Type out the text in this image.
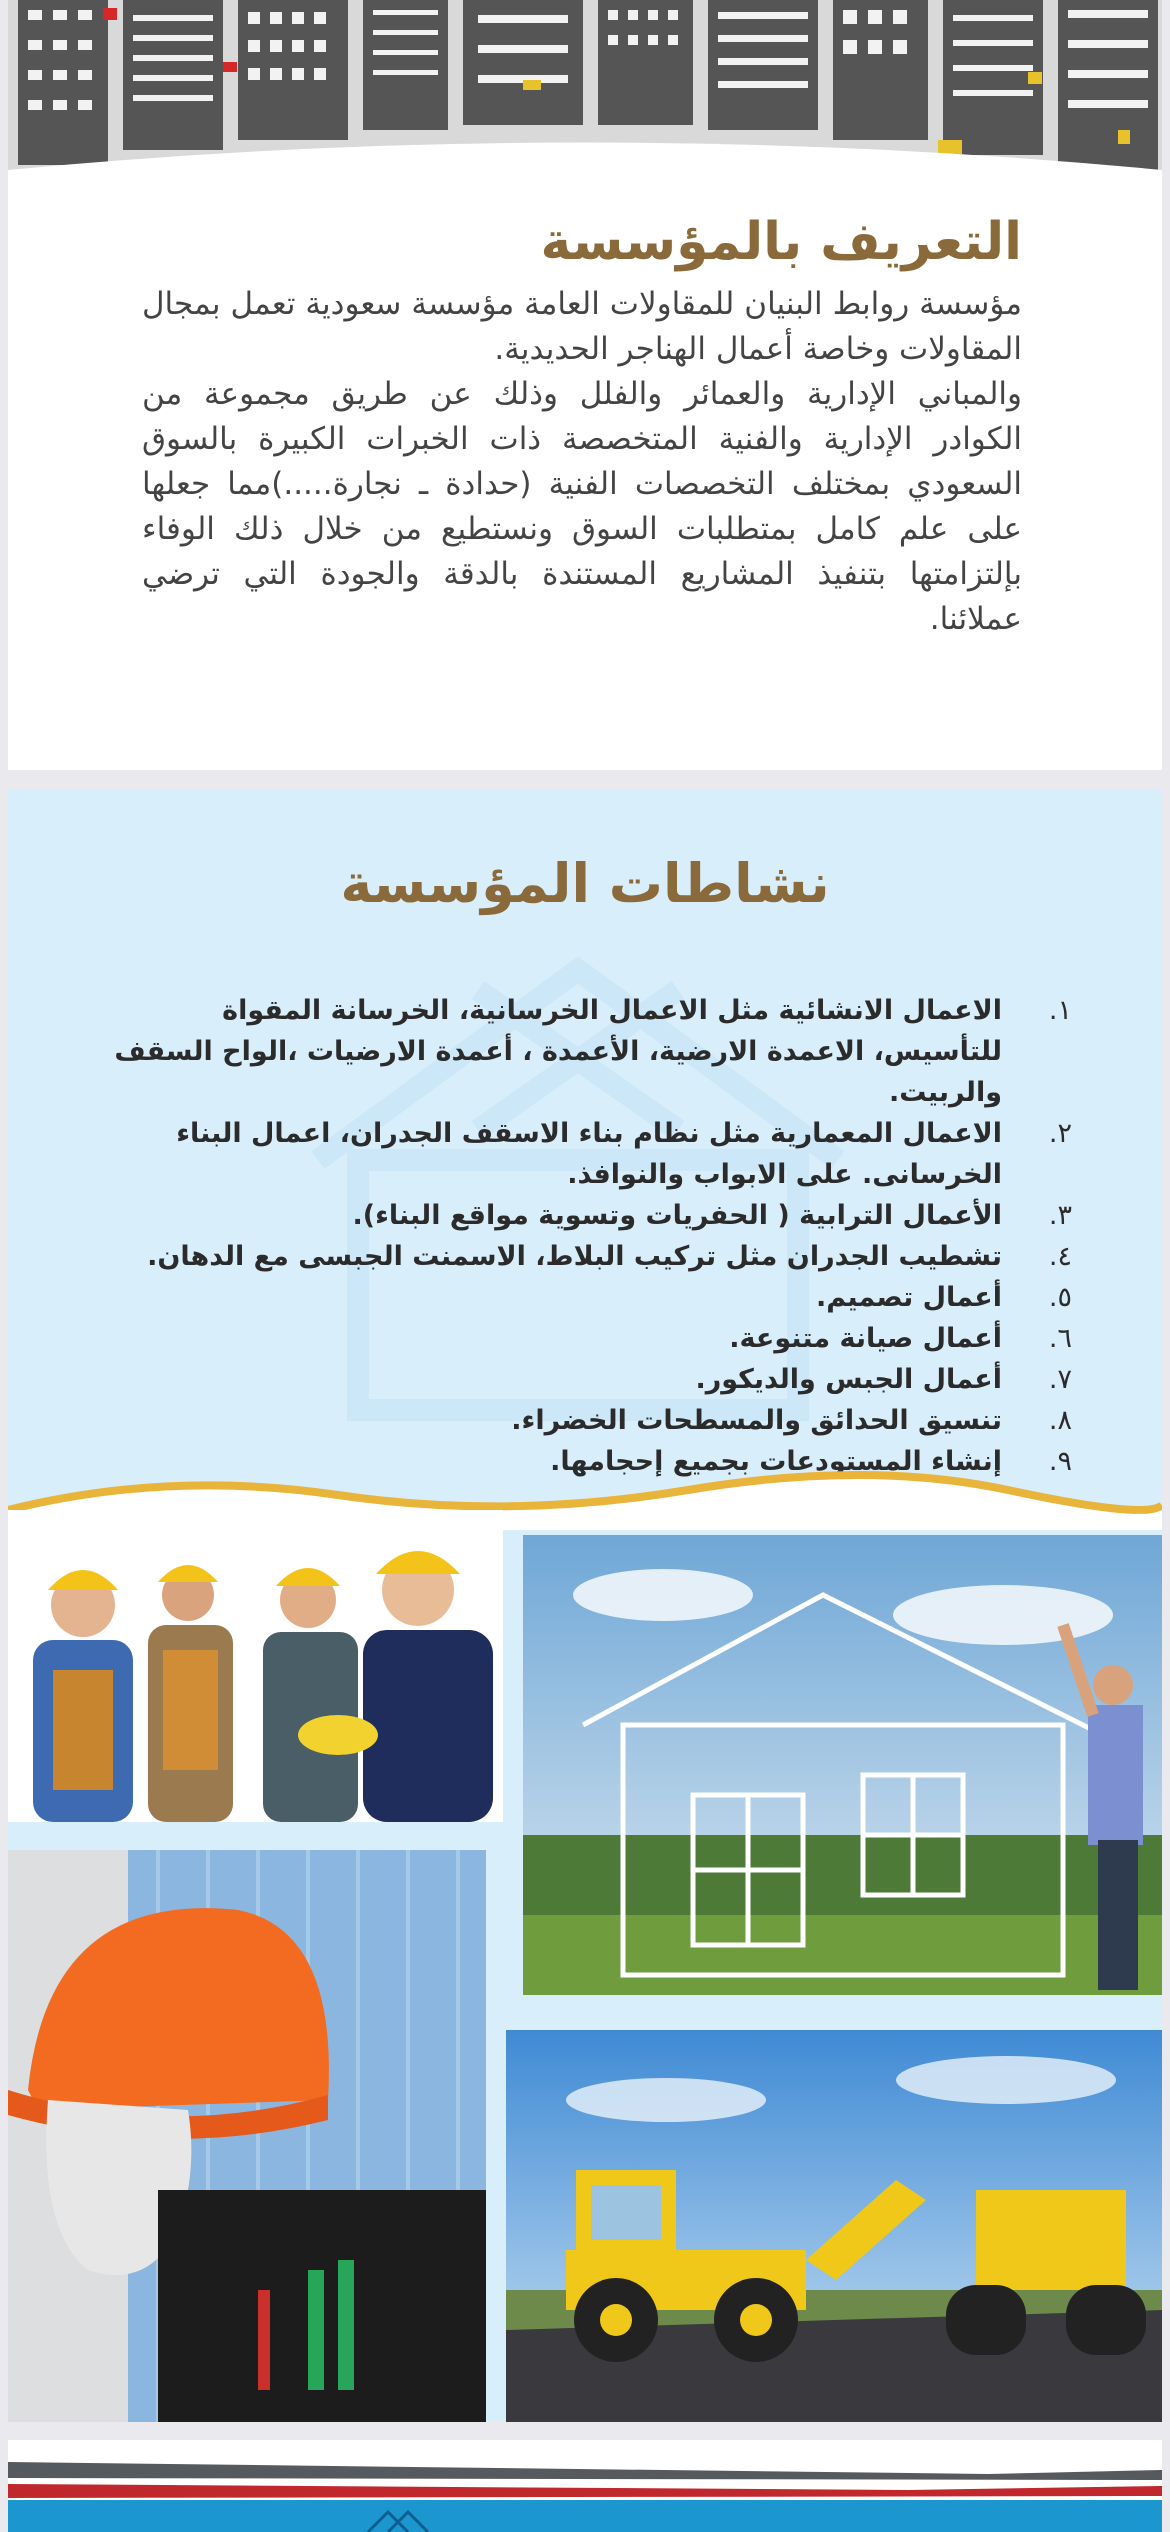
التعريف بالمؤسسة

مؤسسة روابط البنيان للمقاولات العامة مؤسسة سعودية تعمل بمجال المقاولات وخاصة أعمال الهناجر الحديدية.

والمباني الإدارية والعمائر والفلل وذلك عن طريق مجموعة من الكوادر الإدارية والفنية المتخصصة ذات الخبرات الكبيرة بالسوق السعودي بمختلف التخصصات الفنية (حدادة ـ نجارة.....)مما جعلها على علم كامل بمتطلبات السوق ونستطيع من خلال ذلك الوفاء بإلتزامتها بتنفيذ المشاريع المستندة بالدقة والجودة التي ترضي عملائنا.

نشاطات المؤسسة
١.
الاعمال الانشائية مثل الاعمال الخرسانية، الخرسانة المقواة للتأسيس، الاعمدة الارضية، الأعمدة ، أعمدة الارضيات ،الواح السقف والربيت.
٢.
الاعمال المعمارية مثل نظام بناء الاسقف الجدران، اعمال البناء الخرسانى. على الابواب والنوافذ.
٣.
الأعمال الترابية ( الحفريات وتسوية مواقع البناء).
٤.
تشطيب الجدران مثل تركيب البلاط، الاسمنت الجبسى مع الدهان.
٥.
أعمال تصميم.
٦.
أعمال صيانة متنوعة.
٧.
أعمال الجبس والديكور.
٨.
تنسيق الحدائق والمسطحات الخضراء.
٩.
إنشاء المستودعات بجميع إحجامها.
